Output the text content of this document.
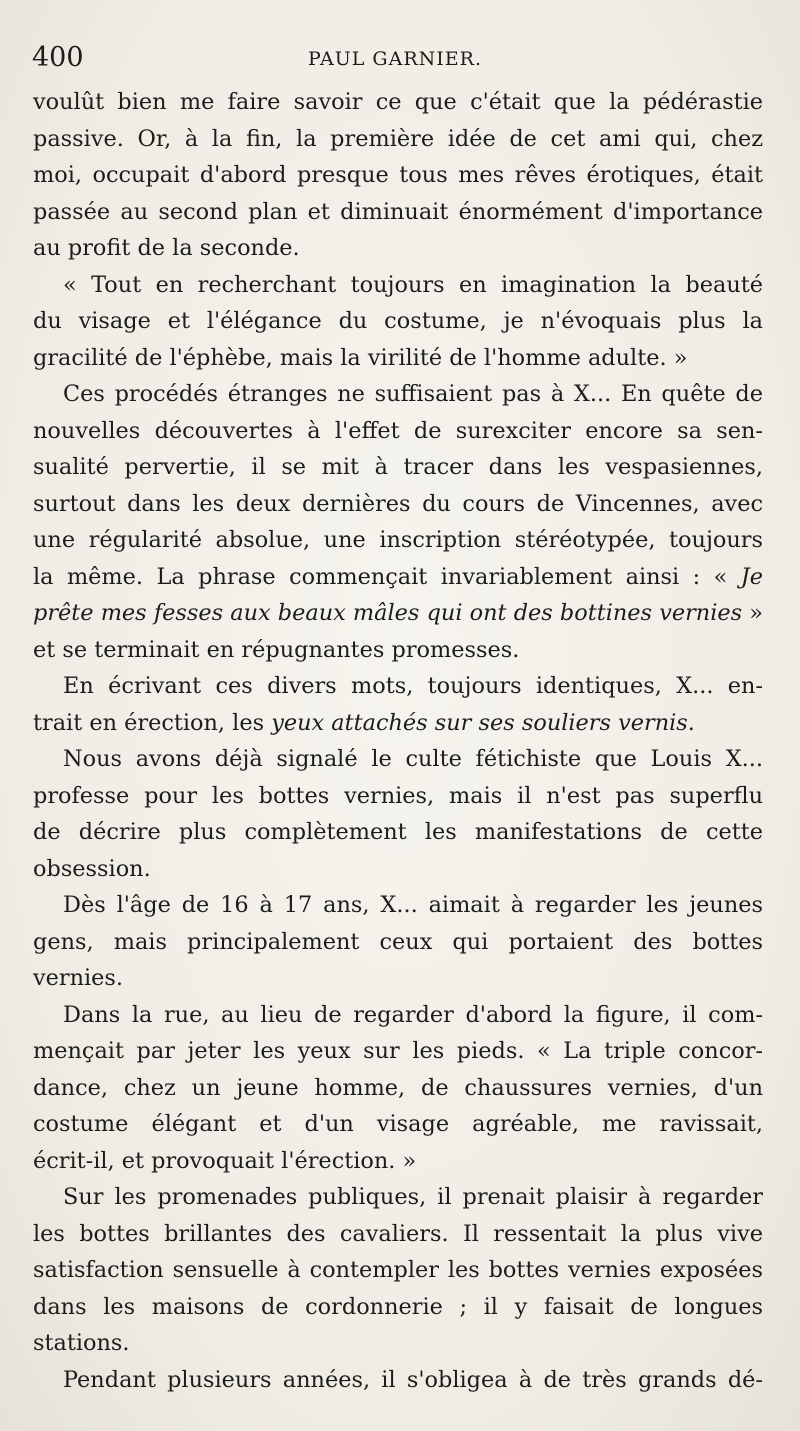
400	PAUL GARNIER.
voulût bien me faire savoir ce que c'était que la pédérastie
passive. Or, à la fin, la première idée de cet ami qui, chez
moi, occupait d'abord presque tous mes rêves érotiques, était
passée au second plan et diminuait énormément d'importance
au profit de la seconde.
« Tout en recherchant toujours en imagination la beauté
du visage et l'élégance du costume, je n'évoquais plus la
gracilité de l'éphèbe, mais la virilité de l'homme adulte. »
Ces procédés étranges ne suffisaient pas à X... En quête de
nouvelles découvertes à l'effet de surexciter encore sa sen-
sualité pervertie, il se mit à tracer dans les vespasiennes,
surtout dans les deux dernières du cours de Vincennes, avec
une régularité absolue, une inscription stéréotypée, toujours
la même. La phrase commençait invariablement ainsi : « Je
prête mes fesses aux beaux mâles qui ont des bottines vernies »
et se terminait en répugnantes promesses.
En écrivant ces divers mots, toujours identiques, X... en-
trait en érection, les yeux attachés sur ses souliers vernis.
Nous avons déjà signalé le culte fétichiste que Louis X...
professe pour les bottes vernies, mais il n'est pas superflu
de décrire plus complètement les manifestations de cette
obsession.
Dès l'âge de 16 à 17 ans, X... aimait à regarder les jeunes
gens, mais principalement ceux qui portaient des bottes
vernies.
Dans la rue, au lieu de regarder d'abord la figure, il com-
mençait par jeter les yeux sur les pieds. « La triple concor-
dance, chez un jeune homme, de chaussures vernies, d'un
costume élégant et d'un visage agréable, me ravissait,
écrit-il, et provoquait l'érection. »
Sur les promenades publiques, il prenait plaisir à regarder
les bottes brillantes des cavaliers. Il ressentait la plus vive
satisfaction sensuelle à contempler les bottes vernies exposées
dans les maisons de cordonnerie ; il y faisait de longues
stations.
Pendant plusieurs années, il s'obligea à de très grands dé-
